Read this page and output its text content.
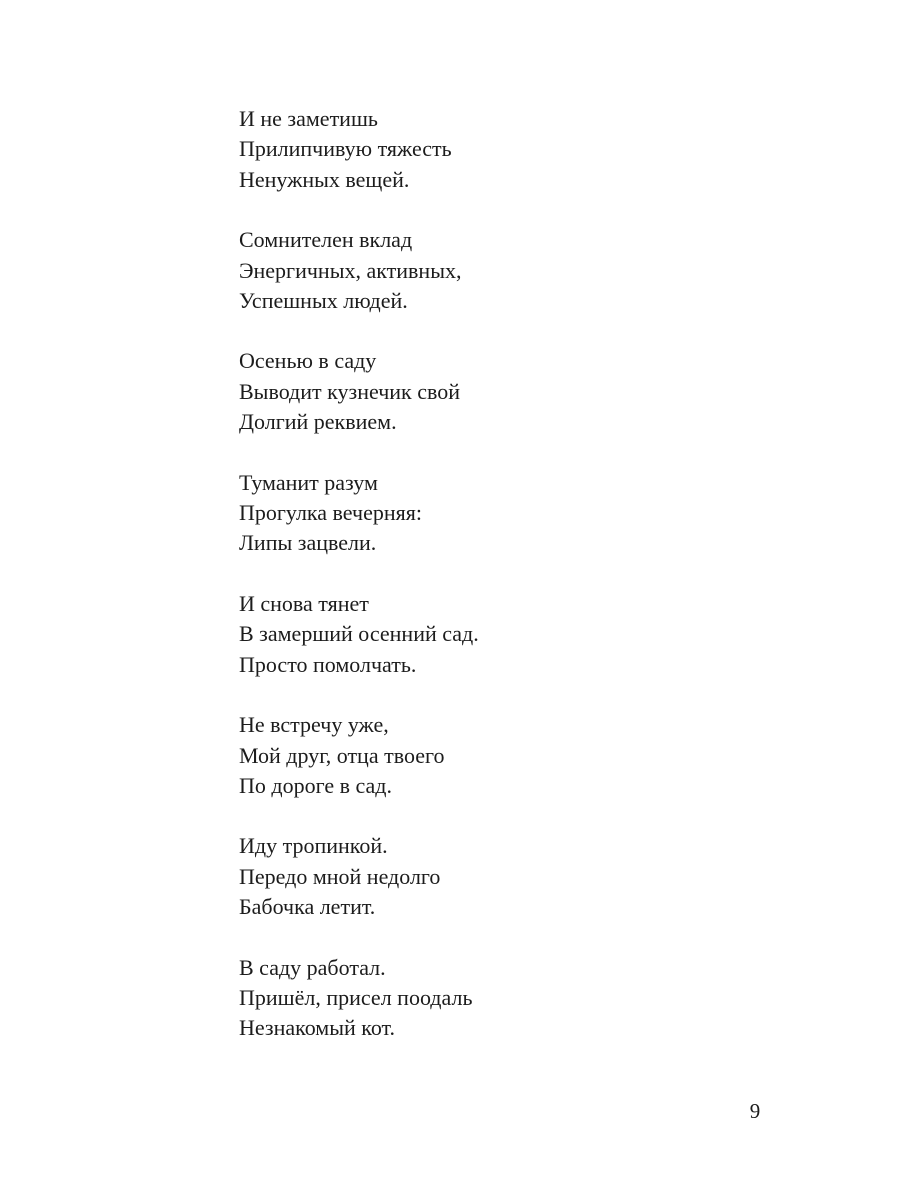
И не заметишь
Прилипчивую тяжесть
Ненужных вещей.
Сомнителен вклад
Энергичных, активных,
Успешных людей.
Осенью в саду
Выводит кузнечик свой
Долгий реквием.
Туманит разум
Прогулка вечерняя:
Липы зацвели.
И снова тянет
В замерший осенний сад.
Просто помолчать.
Не встречу уже,
Мой друг, отца твоего
По дороге в сад.
Иду тропинкой.
Передо мной недолго
Бабочка летит.
В саду работал.
Пришёл, присел поодаль
Незнакомый кот.
9
